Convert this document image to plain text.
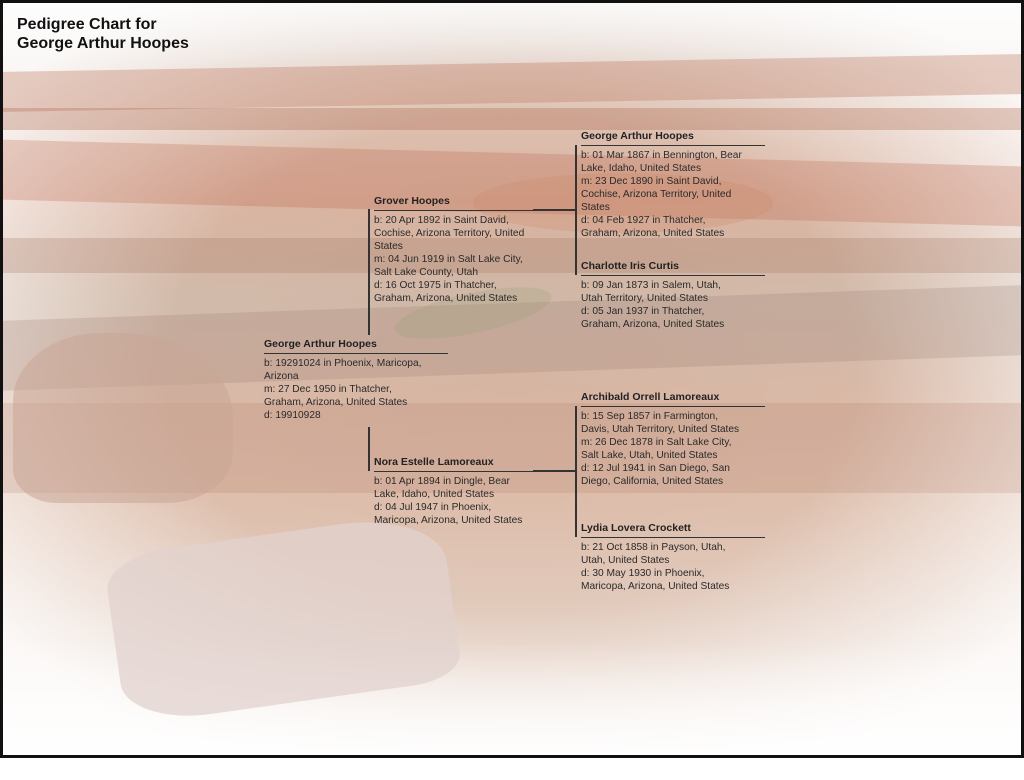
Pedigree Chart for
George Arthur Hoopes
George Arthur Hoopes
b: 19291024 in Phoenix, Maricopa,
Arizona
m: 27 Dec 1950 in Thatcher,
Graham, Arizona, United States
d: 19910928
Grover Hoopes
b: 20 Apr 1892 in Saint David,
Cochise, Arizona Territory, United
States
m: 04 Jun 1919 in Salt Lake City,
Salt Lake County, Utah
d: 16 Oct 1975 in Thatcher,
Graham, Arizona, United States
Nora Estelle Lamoreaux
b: 01 Apr 1894 in Dingle, Bear
Lake, Idaho, United States
d: 04 Jul 1947 in Phoenix,
Maricopa, Arizona, United States
George Arthur Hoopes
b: 01 Mar 1867 in Bennington, Bear
Lake, Idaho, United States
m: 23 Dec 1890 in Saint David,
Cochise, Arizona Territory, United
States
d: 04 Feb 1927 in Thatcher,
Graham, Arizona, United States
Charlotte Iris Curtis
b: 09 Jan 1873 in Salem, Utah,
Utah Territory, United States
d: 05 Jan 1937 in Thatcher,
Graham, Arizona, United States
Archibald Orrell Lamoreaux
b: 15 Sep 1857 in Farmington,
Davis, Utah Territory, United States
m: 26 Dec 1878 in Salt Lake City,
Salt Lake, Utah, United States
d: 12 Jul 1941 in San Diego, San
Diego, California, United States
Lydia Lovera Crockett
b: 21 Oct 1858 in Payson, Utah,
Utah, United States
d: 30 May 1930 in Phoenix,
Maricopa, Arizona, United States
